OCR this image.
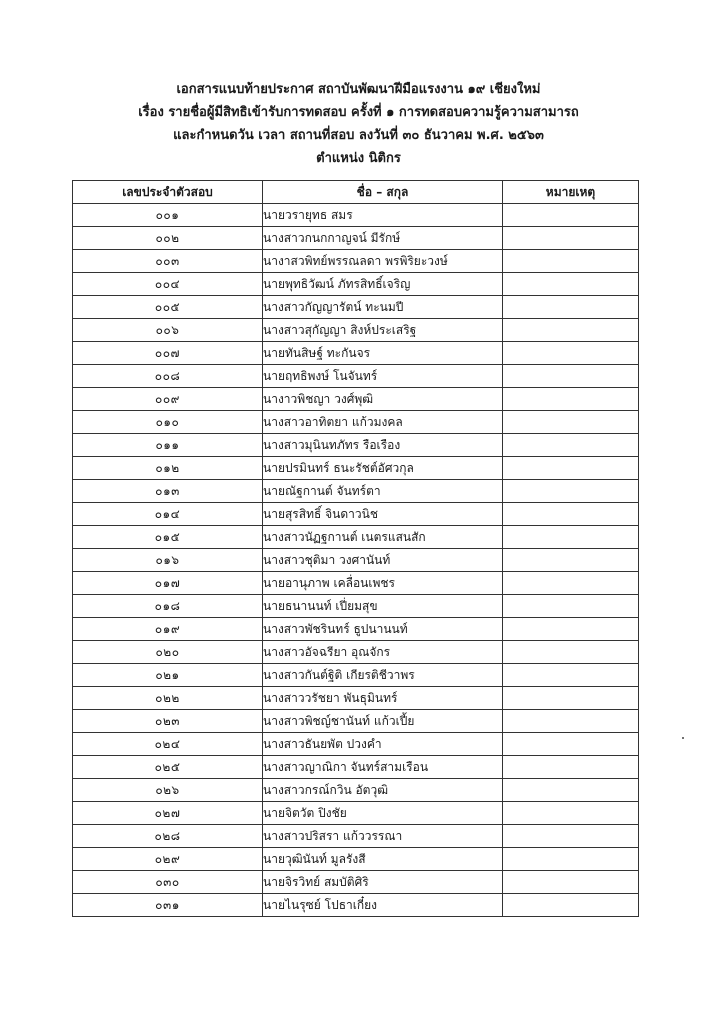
เอกสารแนบท้ายประกาศ สถาบันพัฒนาฝีมือแรงงาน ๑๙ เชียงใหม่
เรื่อง รายชื่อผู้มีสิทธิเข้ารับการทดสอบ ครั้งที่ ๑ การทดสอบความรู้ความสามารถ
และกำหนดวัน เวลา สถานที่สอบ ลงวันที่ ๓๐ ธันวาคม พ.ศ. ๒๕๖๓
ตำแหน่ง นิติกร
เลขประจำตัวสอบ	ชื่อ – สกุล	หมายเหตุ
๐๐๑	นายวรายุทธ สมร	
๐๐๒	นางสาวกนกกาญจน์ มีรักษ์	
๐๐๓	นางาสวพิทย์พรรณลดา พรพิริยะวงษ์	
๐๐๔	นายพุทธิวัฒน์ ภัทรสิทธิ์เจริญ	
๐๐๕	นางสาวกัญญารัตน์ ทะนมปี	
๐๐๖	นางสาวสุกัญญา สิงห์ประเสริฐ	
๐๐๗	นายทันสิษฐ์ ทะกันจร	
๐๐๘	นายฤทธิพงษ์ โนจันทร์	
๐๐๙	นางาวพิชญา วงศ์พุฒิ	
๐๑๐	นางสาวอาทิตยา แก้วมงคล	
๐๑๑	นางสาวมุนินทภัทร รือเรือง	
๐๑๒	นายปรมินทร์ ธนะรัชต์อัศวกุล	
๐๑๓	นายณัฐกานต์ จันทร์ตา	
๐๑๔	นายสุรสิทธิ์ จินดาวนิช	
๐๑๕	นางสาวนัฏฐกานต์ เนตรแสนสัก	
๐๑๖	นางสาวชุติมา วงศานันท์	
๐๑๗	นายอานุภาพ เคลื่อนเพชร	
๐๑๘	นายธนานนท์ เปี่ยมสุข	
๐๑๙	นางสาวพัชรินทร์ ธูปนานนท์	
๐๒๐	นางสาวอัจฉรียา อุณจักร	
๐๒๑	นางสาวกันต์ฐิติ เกียรติชีวาพร	
๐๒๒	นางสาววรัชยา พันธุมินทร์	
๐๒๓	นางสาวพิชญ์ชานันท์ แก้วเปี้ย	
๐๒๔	นางสาวธันยพัต ปวงคำ	
๐๒๕	นางสาวญาณิกา จันทร์สามเรือน	
๐๒๖	นางสาวกรณ์กวิน อัตวุฒิ	
๐๒๗	นายจิตวัต ปิงชัย	
๐๒๘	นางสาวปริสรา แก้ววรรณา	
๐๒๙	นายวุฒินันท์ มูลรังสี	
๐๓๐	นายจิรวิทย์ สมบัติศิริ	
๐๓๑	นายไนรุซย์ โปธาเกี๋ยง	
